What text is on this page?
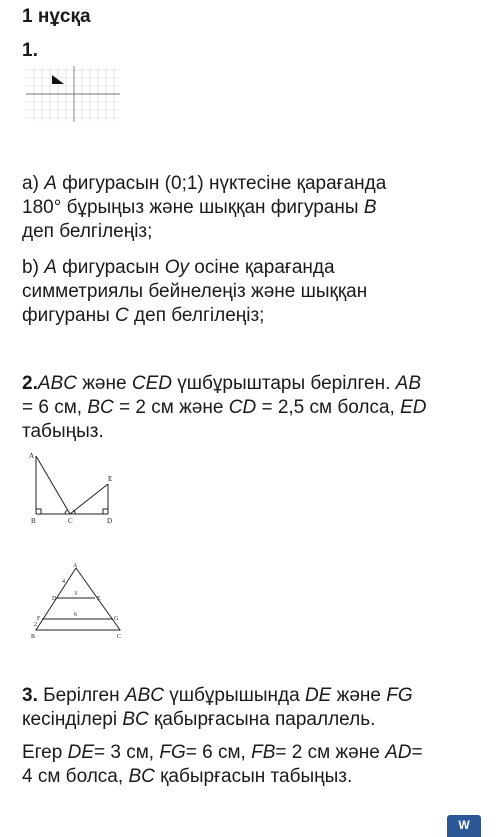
1 нұсқа
1.
а) A фигурасын (0;1) нүктесіне қарағанда
180° бұрыңыз және шыққан фигураны B
деп белгілеңіз;
b) A фигурасын Oy осіне қарағанда
симметриялы бейнелеңіз және шыққан
фигураны C деп белгілеңіз;
2.ABC және CED үшбұрыштары берілген. AB
= 6 см, BC = 2 см және CD = 2,5 см болса, ED
табыңыз.
A
B	C	D
E
A
4
3
D	E
6
F	G
2
B	C
3. Берілген ABC үшбұрышында DE және FG
кесінділері BC қабырғасына параллель.
Егер DE= 3 см, FG= 6 см, FB= 2 см және AD=
4 см болса, BC қабырғасын табыңыз.
W
